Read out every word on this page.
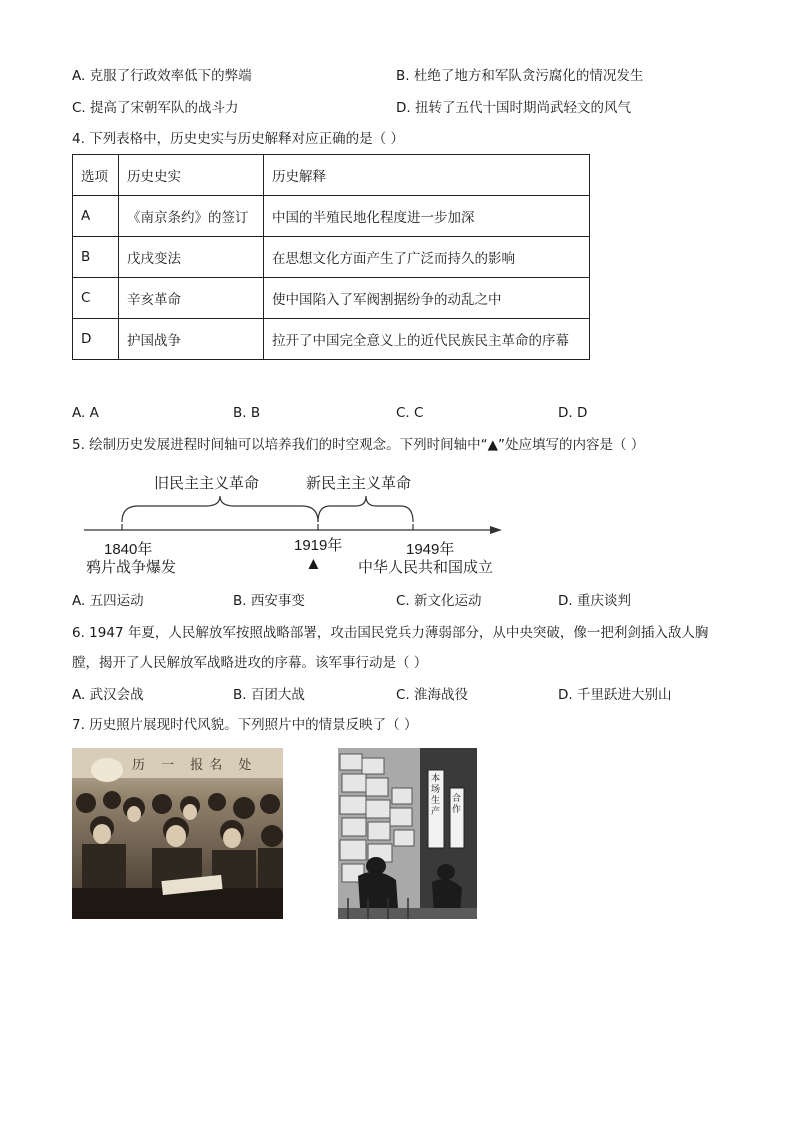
A. 克服了行政效率低下的弊端	B. 杜绝了地方和军队贪污腐化的情况发生
C. 提高了宋朝军队的战斗力	D. 扭转了五代十国时期尚武轻文的风气
4. 下列表格中，历史史实与历史解释对应正确的是（ ）
选项	历史史实	历史解释
A	《南京条约》的签订	中国的半殖民地化程度进一步加深
B	戊戌变法	在思想文化方面产生了广泛而持久的影响
C	辛亥革命	使中国陷入了军阀割据纷争的动乱之中
D	护国战争	拉开了中国完全意义上的近代民族民主革命的序幕
A. A	B. B	C. C	D. D
5. 绘制历史发展进程时间轴可以培养我们的时空观念。下列时间轴中“▲”处应填写的内容是（ ）
旧民主主义革命	新民主主义革命
1840年
鸦片战争爆发
1919年
▲
1949年
中华人民共和国成立
A. 五四运动	B. 西安事变	C. 新文化运动	D. 重庆谈判
6. 1947 年夏，人民解放军按照战略部署，攻击国民党兵力薄弱部分，从中央突破，像一把利剑插入敌人胸
膛，揭开了人民解放军战略进攻的序幕。该军事行动是（ ）
A. 武汉会战	B. 百团大战	C. 淮海战役	D. 千里跃进大别山
7. 历史照片展现时代风貌。下列照片中的情景反映了（ ）
历 一 报名 处
本场生产
合作
